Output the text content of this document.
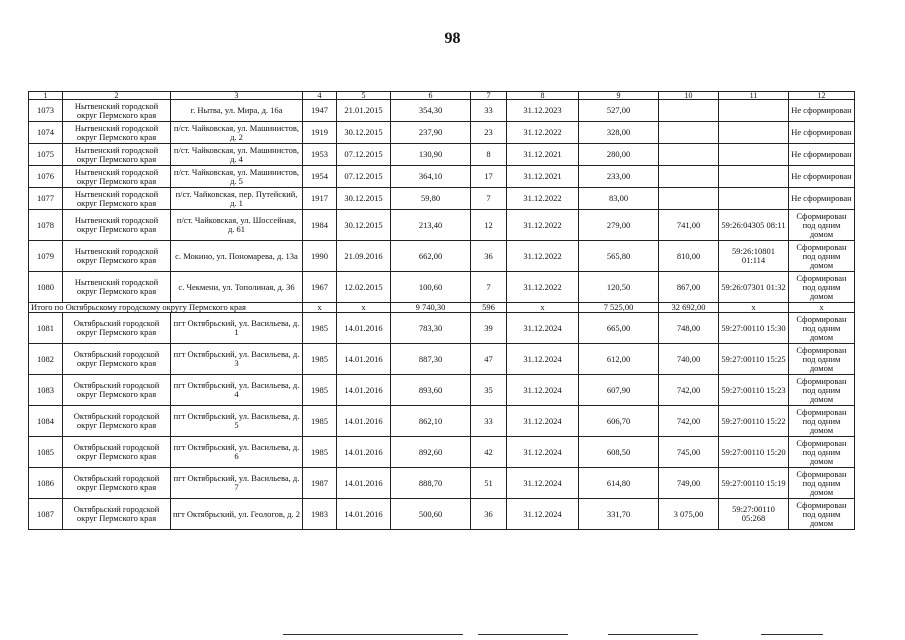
98
1	2	3	4	5	6	7	8	9	10	11	12
1073	Нытвенский городской округ Пермского края	г. Нытва, ул. Мира, д. 16а	1947	21.01.2015	354,30	33	31.12.2023	527,00			Не сформирован
1074	Нытвенский городской округ Пермского края	п/ст. Чайковская, ул. Машинистов, д. 2	1919	30.12.2015	237,90	23	31.12.2022	328,00			Не сформирован
1075	Нытвенский городской округ Пермского края	п/ст. Чайковская, ул. Машинистов, д. 4	1953	07.12.2015	130,90	8	31.12.2021	280,00			Не сформирован
1076	Нытвенский городской округ Пермского края	п/ст. Чайковская, ул. Машинистов, д. 5	1954	07.12.2015	364,10	17	31.12.2021	233,00			Не сформирован
1077	Нытвенский городской округ Пермского края	п/ст. Чайковская, пер. Путейский, д. 1	1917	30.12.2015	59,80	7	31.12.2022	83,00			Не сформирован
1078	Нытвенский городской округ Пермского края	п/ст. Чайковская, ул. Шоссейная, д. 61	1984	30.12.2015	213,40	12	31.12.2022	279,00	741,00	59:26:04305 08:11	Сформирован под одним домом
1079	Нытвенский городской округ Пермского края	с. Мокино, ул. Пономарева, д. 13а	1990	21.09.2016	662,00	36	31.12.2022	565,80	810,00	59:26:10801 01:114	Сформирован под одним домом
1080	Нытвенский городской округ Пермского края	с. Чекмени, ул. Тополиная, д. 36	1967	12.02.2015	100,60	7	31.12.2022	120,50	867,00	59:26:07301 01:32	Сформирован под одним домом
Итого по Октябрьскому городскому округу Пермского края			x	x	9 740,30	596	x	7 525,00	32 692,00	x	x
1081	Октябрьский городской округ Пермского края	пгт Октябрьский, ул. Васильева, д. 1	1985	14.01.2016	783,30	39	31.12.2024	665,00	748,00	59:27:00110 15:30	Сформирован под одним домом
1082	Октябрьский городской округ Пермского края	пгт Октябрьский, ул. Васильева, д. 3	1985	14.01.2016	887,30	47	31.12.2024	612,00	740,00	59:27:00110 15:25	Сформирован под одним домом
1083	Октябрьский городской округ Пермского края	пгт Октябрьский, ул. Васильева, д. 4	1985	14.01.2016	893,60	35	31.12.2024	607,90	742,00	59:27:00110 15:23	Сформирован под одним домом
1084	Октябрьский городской округ Пермского края	пгт Октябрьский, ул. Васильева, д. 5	1985	14.01.2016	862,10	33	31.12.2024	606,70	742,00	59:27:00110 15:22	Сформирован под одним домом
1085	Октябрьский городской округ Пермского края	пгт Октябрьский, ул. Васильева, д. 6	1985	14.01.2016	892,60	42	31.12.2024	608,50	745,00	59:27:00110 15:20	Сформирован под одним домом
1086	Октябрьский городской округ Пермского края	пгт Октябрьский, ул. Васильева, д. 7	1987	14.01.2016	888,70	51	31.12.2024	614,80	749,00	59:27:00110 15:19	Сформирован под одним домом
1087	Октябрьский городской округ Пермского края	пгт Октябрьский, ул. Геологов, д. 2	1983	14.01.2016	500,60	36	31.12.2024	331,70	3 075,00	59:27:00110 05:268	Сформирован под одним домом
